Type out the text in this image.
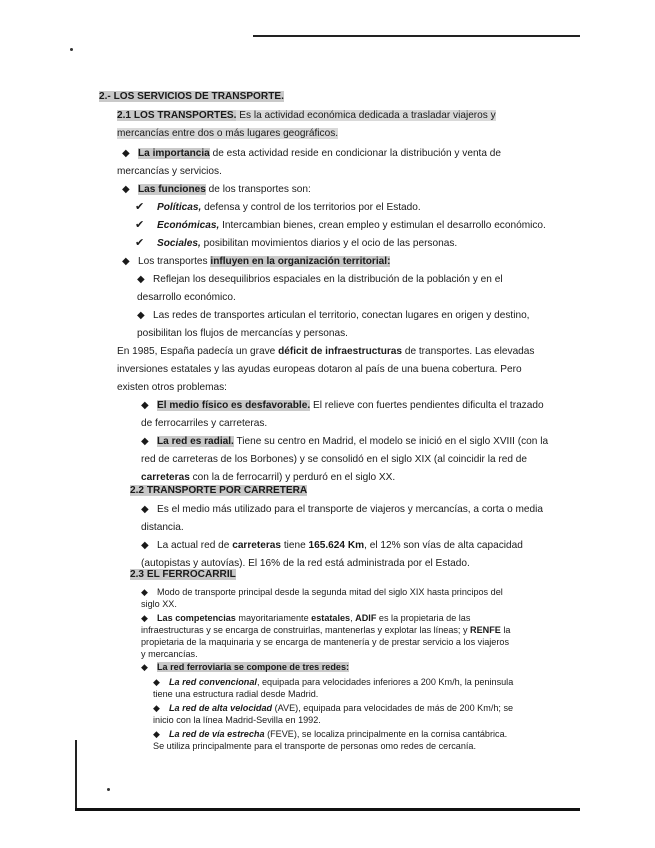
2.- LOS SERVICIOS DE TRANSPORTE.
2.1 LOS TRANSPORTES. Es la actividad económica dedicada a trasladar viajeros y
mercancías entre dos o más lugares geográficos.
◆ La importancia de esta actividad reside en condicionar la distribución y venta de
mercancías y servicios.
◆ Las funciones de los transportes son:
✔ Políticas, defensa y control de los territorios por el Estado.
✔ Económicas, Intercambian bienes, crean empleo y estimulan el desarrollo económico.
✔ Sociales, posibilitan movimientos diarios y el ocio de las personas.
◆ Los transportes influyen en la organización territorial:
◆ Reflejan los desequilibrios espaciales en la distribución de la población y en el
desarrollo económico.
◆ Las redes de transportes articulan el territorio, conectan lugares en origen y destino,
posibilitan los flujos de mercancías y personas.
En 1985, España padecía un grave déficit de infraestructuras de transportes. Las elevadas
inversiones estatales y las ayudas europeas dotaron al país de una buena cobertura. Pero
existen otros problemas:
◆ El medio físico es desfavorable. El relieve con fuertes pendientes dificulta el trazado
de ferrocarriles y carreteras.
◆ La red es radial. Tiene su centro en Madrid, el modelo se inició en el siglo XVIII (con la
red de carreteras de los Borbones) y se consolidó en el siglo XIX (al coincidir la red de
carreteras con la de ferrocarril) y perduró en el siglo XX.
2.2 TRANSPORTE POR CARRETERA
◆ Es el medio más utilizado para el transporte de viajeros y mercancías, a corta o media
distancia.
◆ La actual red de carreteras tiene 165.624 Km, el 12% son vías de alta capacidad
(autopistas y autovías). El 16% de la red está administrada por el Estado.
2.3 EL FERROCARRIL
◆ Modo de transporte principal desde la segunda mitad del siglo XIX hasta principos del
siglo XX.
◆ Las competencias mayoritariamente estatales, ADIF es la propietaria de las
infraestructuras y se encarga de construirlas, mantenerlas y explotar las líneas; y RENFE la
propietaria de la maquinaria y se encarga de mantenería y de prestar servicio a los viajeros
y mercancías.
◆ La red ferroviaria se compone de tres redes:
◆ La red convencional, equipada para velocidades inferiores a 200 Km/h, la peninsula
tiene una estructura radial desde Madrid.
◆ La red de alta velocidad (AVE), equipada para velocidades de más de 200 Km/h; se
inicio con la línea Madrid-Sevilla en 1992.
◆ La red de vía estrecha (FEVE), se localiza principalmente en la cornisa cantábrica.
Se utiliza principalmente para el transporte de personas omo redes de cercanía.
